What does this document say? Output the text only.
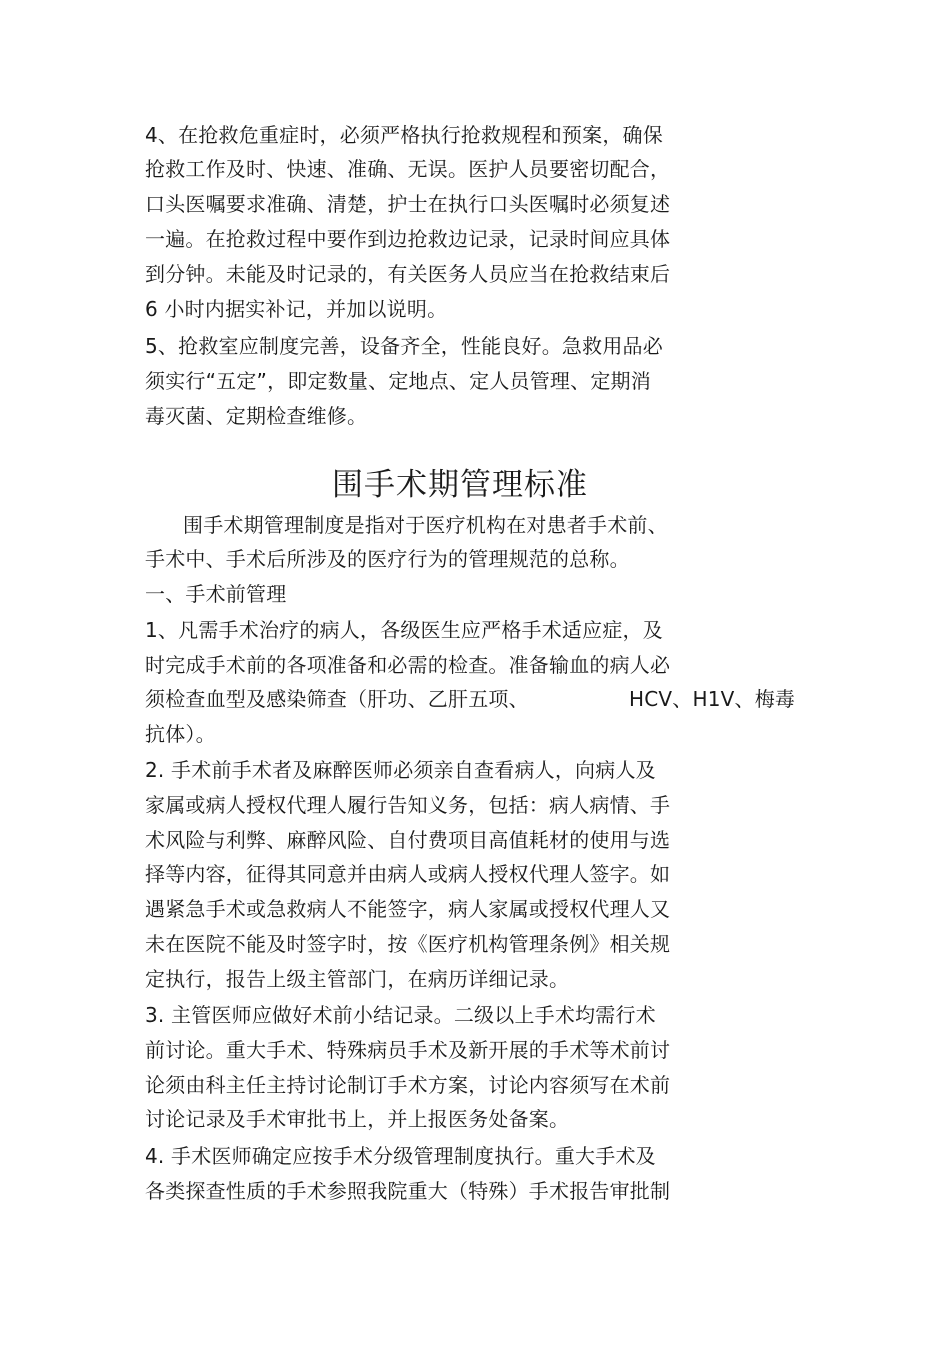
4、在抢救危重症时，必须严格执行抢救规程和预案，确保
抢救工作及时、快速、准确、无误。医护人员要密切配合，
口头医嘱要求准确、清楚，护士在执行口头医嘱时必须复述
一遍。在抢救过程中要作到边抢救边记录，记录时间应具体
到分钟。未能及时记录的，有关医务人员应当在抢救结束后
6 小时内据实补记，并加以说明。
5、抢救室应制度完善，设备齐全，性能良好。急救用品必
须实行“五定”，即定数量、定地点、定人员管理、定期消
毒灭菌、定期检查维修。
围手术期管理标准
围手术期管理制度是指对于医疗机构在对患者手术前、
手术中、手术后所涉及的医疗行为的管理规范的总称。
一、手术前管理
1、凡需手术治疗的病人，各级医生应严格手术适应症，及
时完成手术前的各项准备和必需的检查。准备输血的病人必
须检查血型及感染筛查（肝功、乙肝五项、	HCV、H1V、梅毒
抗体）。
2. 手术前手术者及麻醉医师必须亲自查看病人，向病人及
家属或病人授权代理人履行告知义务，包括：病人病情、手
术风险与利弊、麻醉风险、自付费项目高值耗材的使用与选
择等内容，征得其同意并由病人或病人授权代理人签字。如
遇紧急手术或急救病人不能签字，病人家属或授权代理人又
未在医院不能及时签字时，按《医疗机构管理条例》相关规
定执行，报告上级主管部门，在病历详细记录。
3. 主管医师应做好术前小结记录。二级以上手术均需行术
前讨论。重大手术、特殊病员手术及新开展的手术等术前讨
论须由科主任主持讨论制订手术方案，讨论内容须写在术前
讨论记录及手术审批书上，并上报医务处备案。
4. 手术医师确定应按手术分级管理制度执行。重大手术及
各类探查性质的手术参照我院重大（特殊）手术报告审批制
